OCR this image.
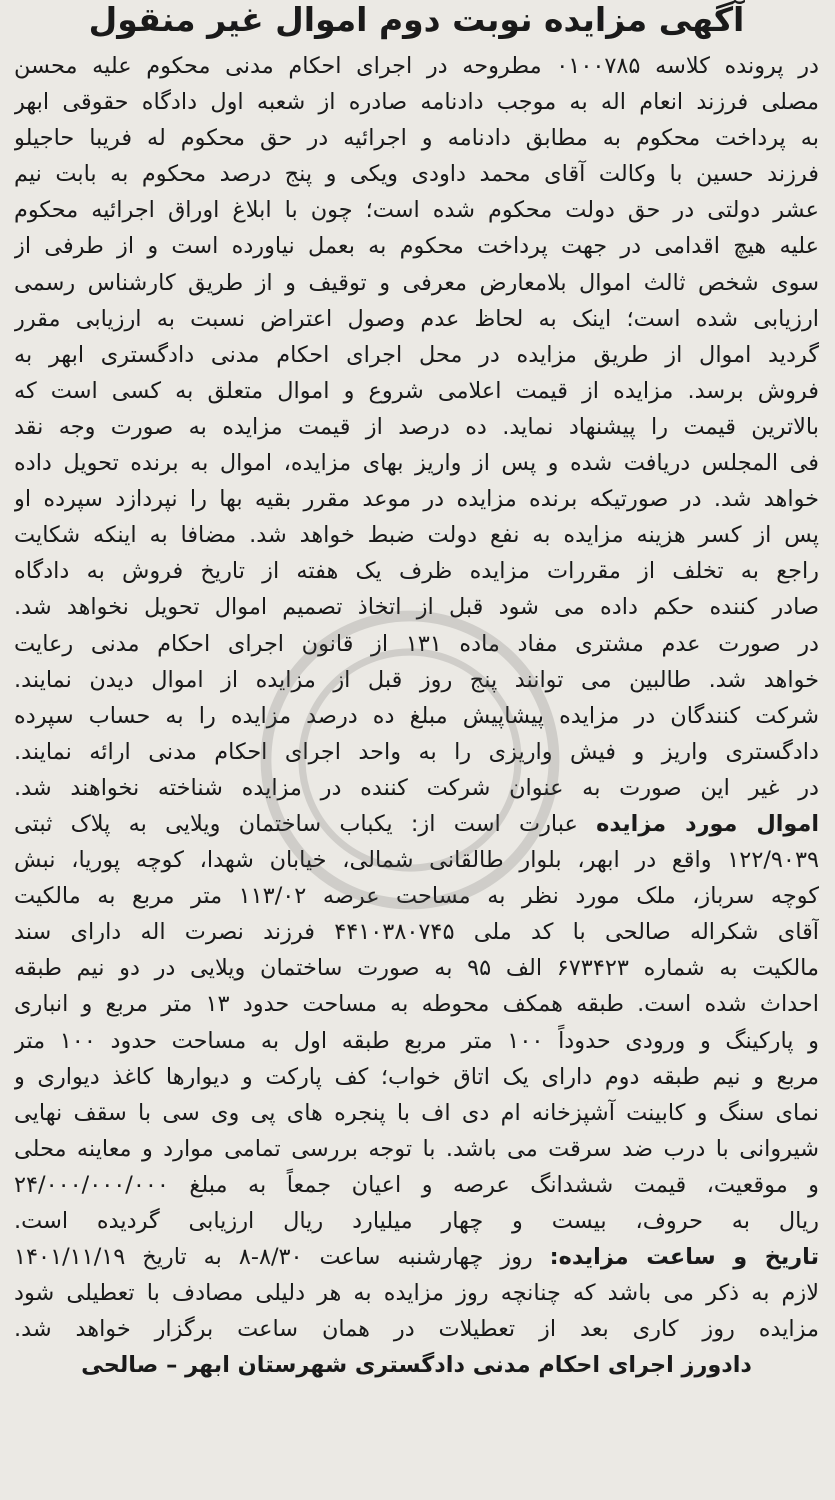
آگهی مزایده نوبت دوم اموال غیر منقول
در پرونده کلاسه ۰۱۰۰۷۸۵ مطروحه در اجرای احکام مدنی محکوم علیه محسن
مصلی فرزند انعام اله به موجب دادنامه صادره از شعبه اول دادگاه حقوقی ابهر
به پرداخت محکوم به مطابق دادنامه و اجرائیه در حق محکوم له فریبا حاجیلو
فرزند حسین با وکالت آقای محمد داودی ویکی و پنج درصد محکوم به بابت نیم
عشر دولتی در حق دولت محکوم شده است؛ چون با ابلاغ اوراق اجرائیه محکوم
علیه هیچ اقدامی در جهت پرداخت محکوم به بعمل نیاورده است و از طرفی از
سوی شخص ثالث اموال بلامعارض معرفی و توقیف و از طریق کارشناس رسمی
ارزیابی شده است؛ اینک به لحاظ عدم وصول اعتراض نسبت به ارزیابی مقرر
گردید اموال از طریق مزایده در محل اجرای احکام مدنی دادگستری ابهر به
فروش برسد. مزایده از قیمت اعلامی شروع و اموال متعلق به کسی است که
بالاترین قیمت را پیشنهاد نماید. ده درصد از قیمت مزایده به صورت وجه نقد
فی المجلس دریافت شده و پس از واریز بهای مزایده، اموال به برنده تحویل داده
خواهد شد. در صورتیکه برنده مزایده در موعد مقرر بقیه بها را نپردازد سپرده او
پس از کسر هزینه مزایده به نفع دولت ضبط خواهد شد. مضافا به اینکه شکایت
راجع به تخلف از مقررات مزایده ظرف یک هفته از تاریخ فروش به دادگاه
صادر کننده حکم داده می شود قبل از اتخاذ تصمیم اموال تحویل نخواهد شد.
در صورت عدم مشتری مفاد ماده ۱۳۱ از قانون اجرای احکام مدنی رعایت
خواهد شد. طالبین می توانند پنج روز قبل از مزایده از اموال دیدن نمایند.
شرکت کنندگان در مزایده پیشاپیش مبلغ ده درصد مزایده را به حساب سپرده
دادگستری واریز و فیش واریزی را به واحد اجرای احکام مدنی ارائه نمایند.
در غیر این صورت به عنوان شرکت کننده در مزایده شناخته نخواهند شد.
اموال مورد مزایده عبارت است از: یکباب ساختمان ویلایی به پلاک ثبتی
۱۲۲/۹۰۳۹ واقع در ابهر، بلوار طالقانی شمالی، خیابان شهدا، کوچه پوریا، نبش
کوچه سرباز، ملک مورد نظر به مساحت عرصه ۱۱۳/۰۲ متر مربع به مالکیت
آقای شکراله صالحی با کد ملی ۴۴۱۰۳۸۰۷۴۵ فرزند نصرت اله دارای سند
مالکیت به شماره ۶۷۳۴۲۳ الف ۹۵ به صورت ساختمان ویلایی در دو نیم طبقه
احداث شده است. طبقه همکف محوطه به مساحت حدود ۱۳ متر مربع و انباری
و پارکینگ و ورودی حدوداً ۱۰۰ متر مربع طبقه اول به مساحت حدود ۱۰۰ متر
مربع و نیم طبقه دوم دارای یک اتاق خواب؛ کف پارکت و دیوارها کاغذ دیواری و
نمای سنگ و کابینت آشپزخانه ام دی اف با پنجره های پی وی سی با سقف نهایی
شیروانی با درب ضد سرقت می باشد. با توجه بررسی تمامی موارد و معاینه محلی
و موقعیت، قیمت ششدانگ عرصه و اعیان جمعاً به مبلغ ۲۴/۰۰۰/۰۰۰/۰۰۰
ریال به حروف، بیست و چهار میلیارد ریال ارزیابی گردیده است.
تاریخ و ساعت مزایده: روز چهارشنبه ساعت ۸/۳۰-۸ به تاریخ ۱۴۰۱/۱۱/۱۹
لازم به ذکر می باشد که چنانچه روز مزایده به هر دلیلی مصادف با تعطیلی شود
مزایده روز کاری بعد از تعطیلات در همان ساعت برگزار خواهد شد.
دادورز اجرای احکام مدنی دادگستری شهرستان ابهر – صالحی
